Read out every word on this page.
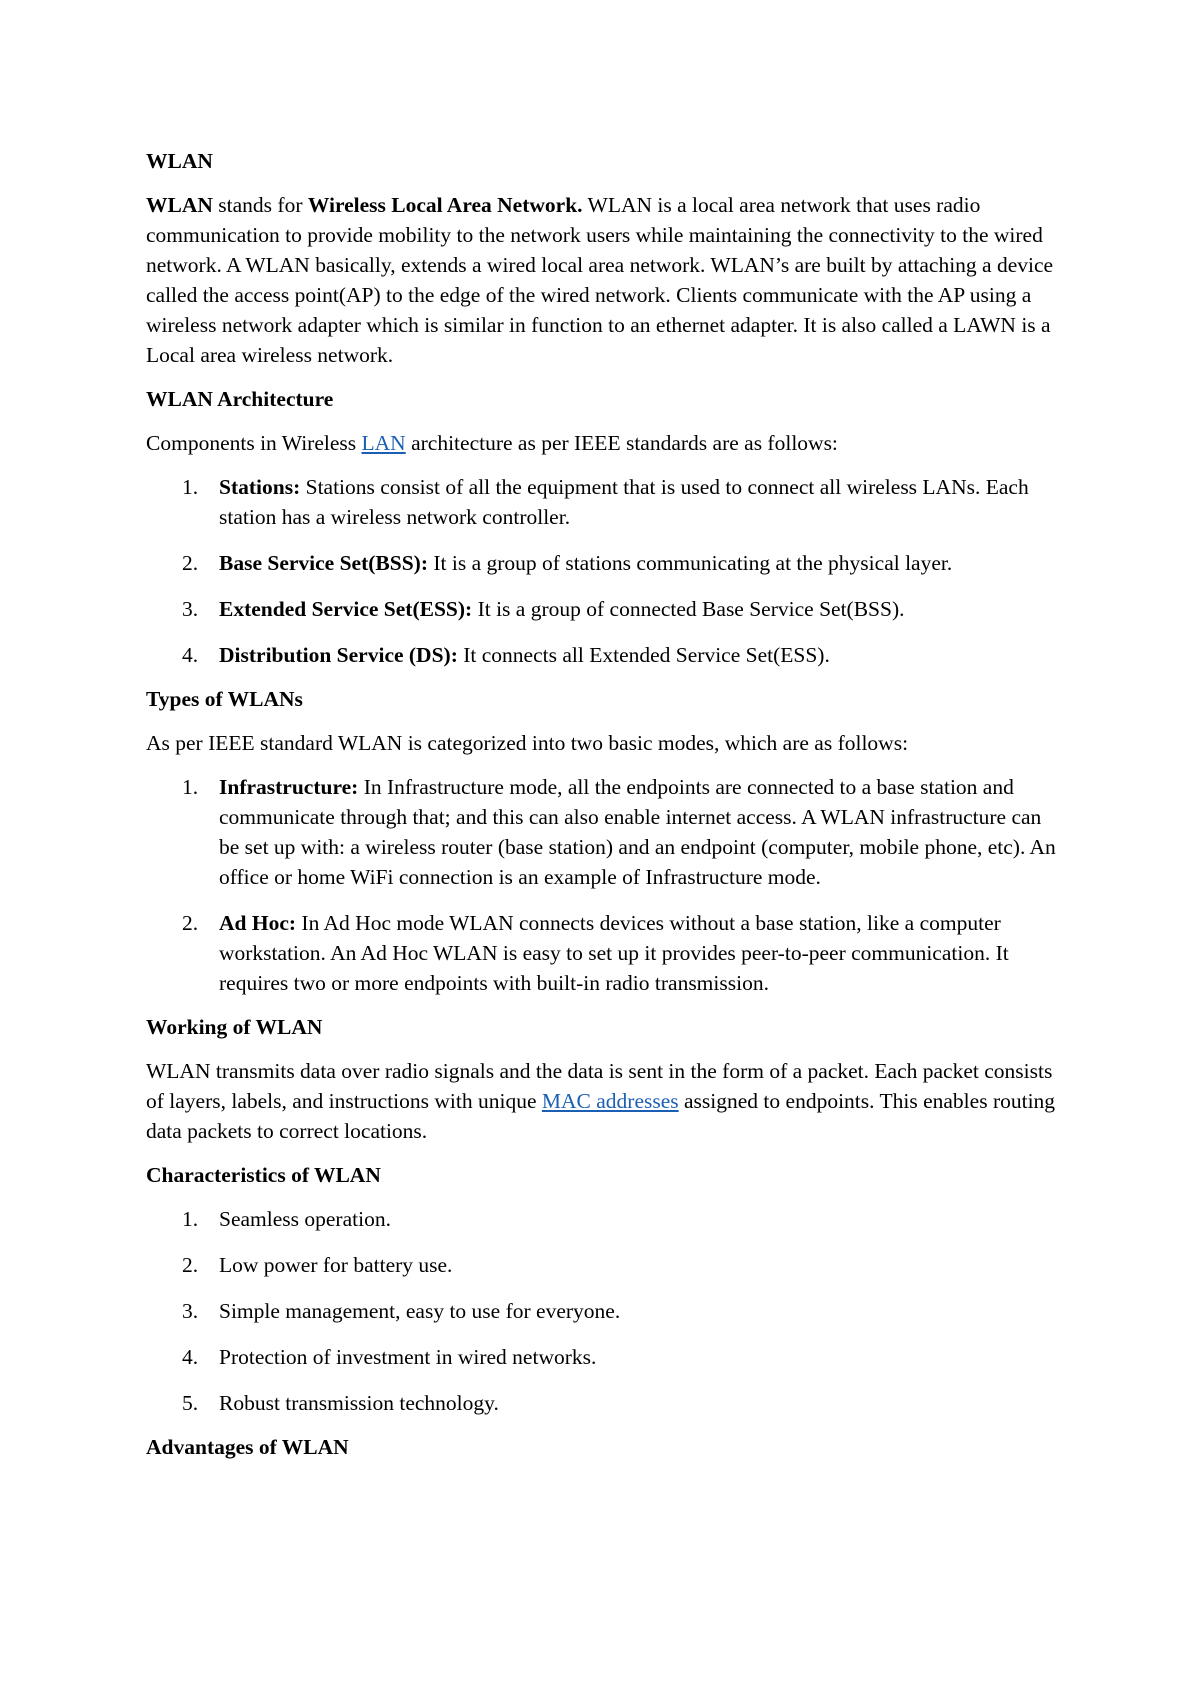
WLAN

WLAN stands for Wireless Local Area Network. WLAN is a local area network that uses radio communication to provide mobility to the network users while maintaining the connectivity to the wired network. A WLAN basically, extends a wired local area network. WLAN’s are built by attaching a device called the access point(AP) to the edge of the wired network. Clients communicate with the AP using a wireless network adapter which is similar in function to an ethernet adapter. It is also called a LAWN is a Local area wireless network.

WLAN Architecture

Components in Wireless LAN architecture as per IEEE standards are as follows:

1. Stations: Stations consist of all the equipment that is used to connect all wireless LANs. Each station has a wireless network controller.
2. Base Service Set(BSS): It is a group of stations communicating at the physical layer.
3. Extended Service Set(ESS): It is a group of connected Base Service Set(BSS).
4. Distribution Service (DS): It connects all Extended Service Set(ESS).
Types of WLANs

As per IEEE standard WLAN is categorized into two basic modes, which are as follows:

1. Infrastructure: In Infrastructure mode, all the endpoints are connected to a base station and communicate through that; and this can also enable internet access. A WLAN infrastructure can be set up with: a wireless router (base station) and an endpoint (computer, mobile phone, etc). An office or home WiFi connection is an example of Infrastructure mode.
2. Ad Hoc: In Ad Hoc mode WLAN connects devices without a base station, like a computer workstation. An Ad Hoc WLAN is easy to set up it provides peer-to-peer communication. It requires two or more endpoints with built-in radio transmission.
Working of WLAN

WLAN transmits data over radio signals and the data is sent in the form of a packet. Each packet consists of layers, labels, and instructions with unique MAC addresses assigned to endpoints. This enables routing data packets to correct locations.

Characteristics of WLAN
1. Seamless operation.
2. Low power for battery use.
3. Simple management, easy to use for everyone.
4. Protection of investment in wired networks.
5. Robust transmission technology.
Advantages of WLAN
